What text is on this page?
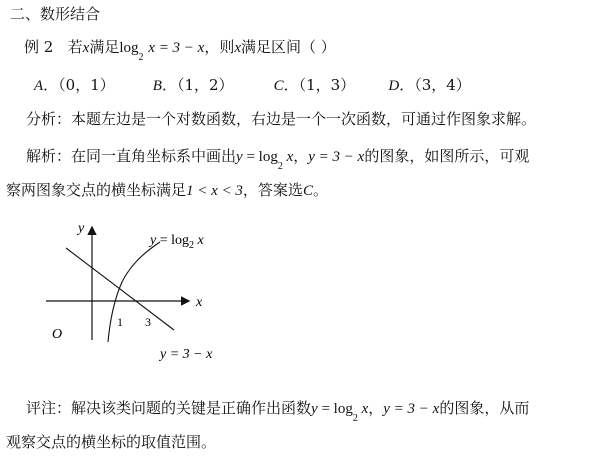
二、数形结合
例 2 若x满足$\log_2 x = 3 - x$，则x满足区间（ ）
A．（0，1）	B．（1，2）	C．（1，3） D．（3，4）
分析：本题左边是一个对数函数，右边是一个一次函数，可通过作图象求解。
解析：在同一直角坐标系中画出$y = \log_2 x$，y = 3 − x的图象，如图所示，可观
察两图象交点的横坐标满足1 < x < 3，答案选C。
y
x
O
1 3
$y = \log_2 x$
y = 3 − x
评注：解决该类问题的关键是正确作出函数$y = \log_2 x$，y = 3 − x的图象，从而
观察交点的横坐标的取值范围。
